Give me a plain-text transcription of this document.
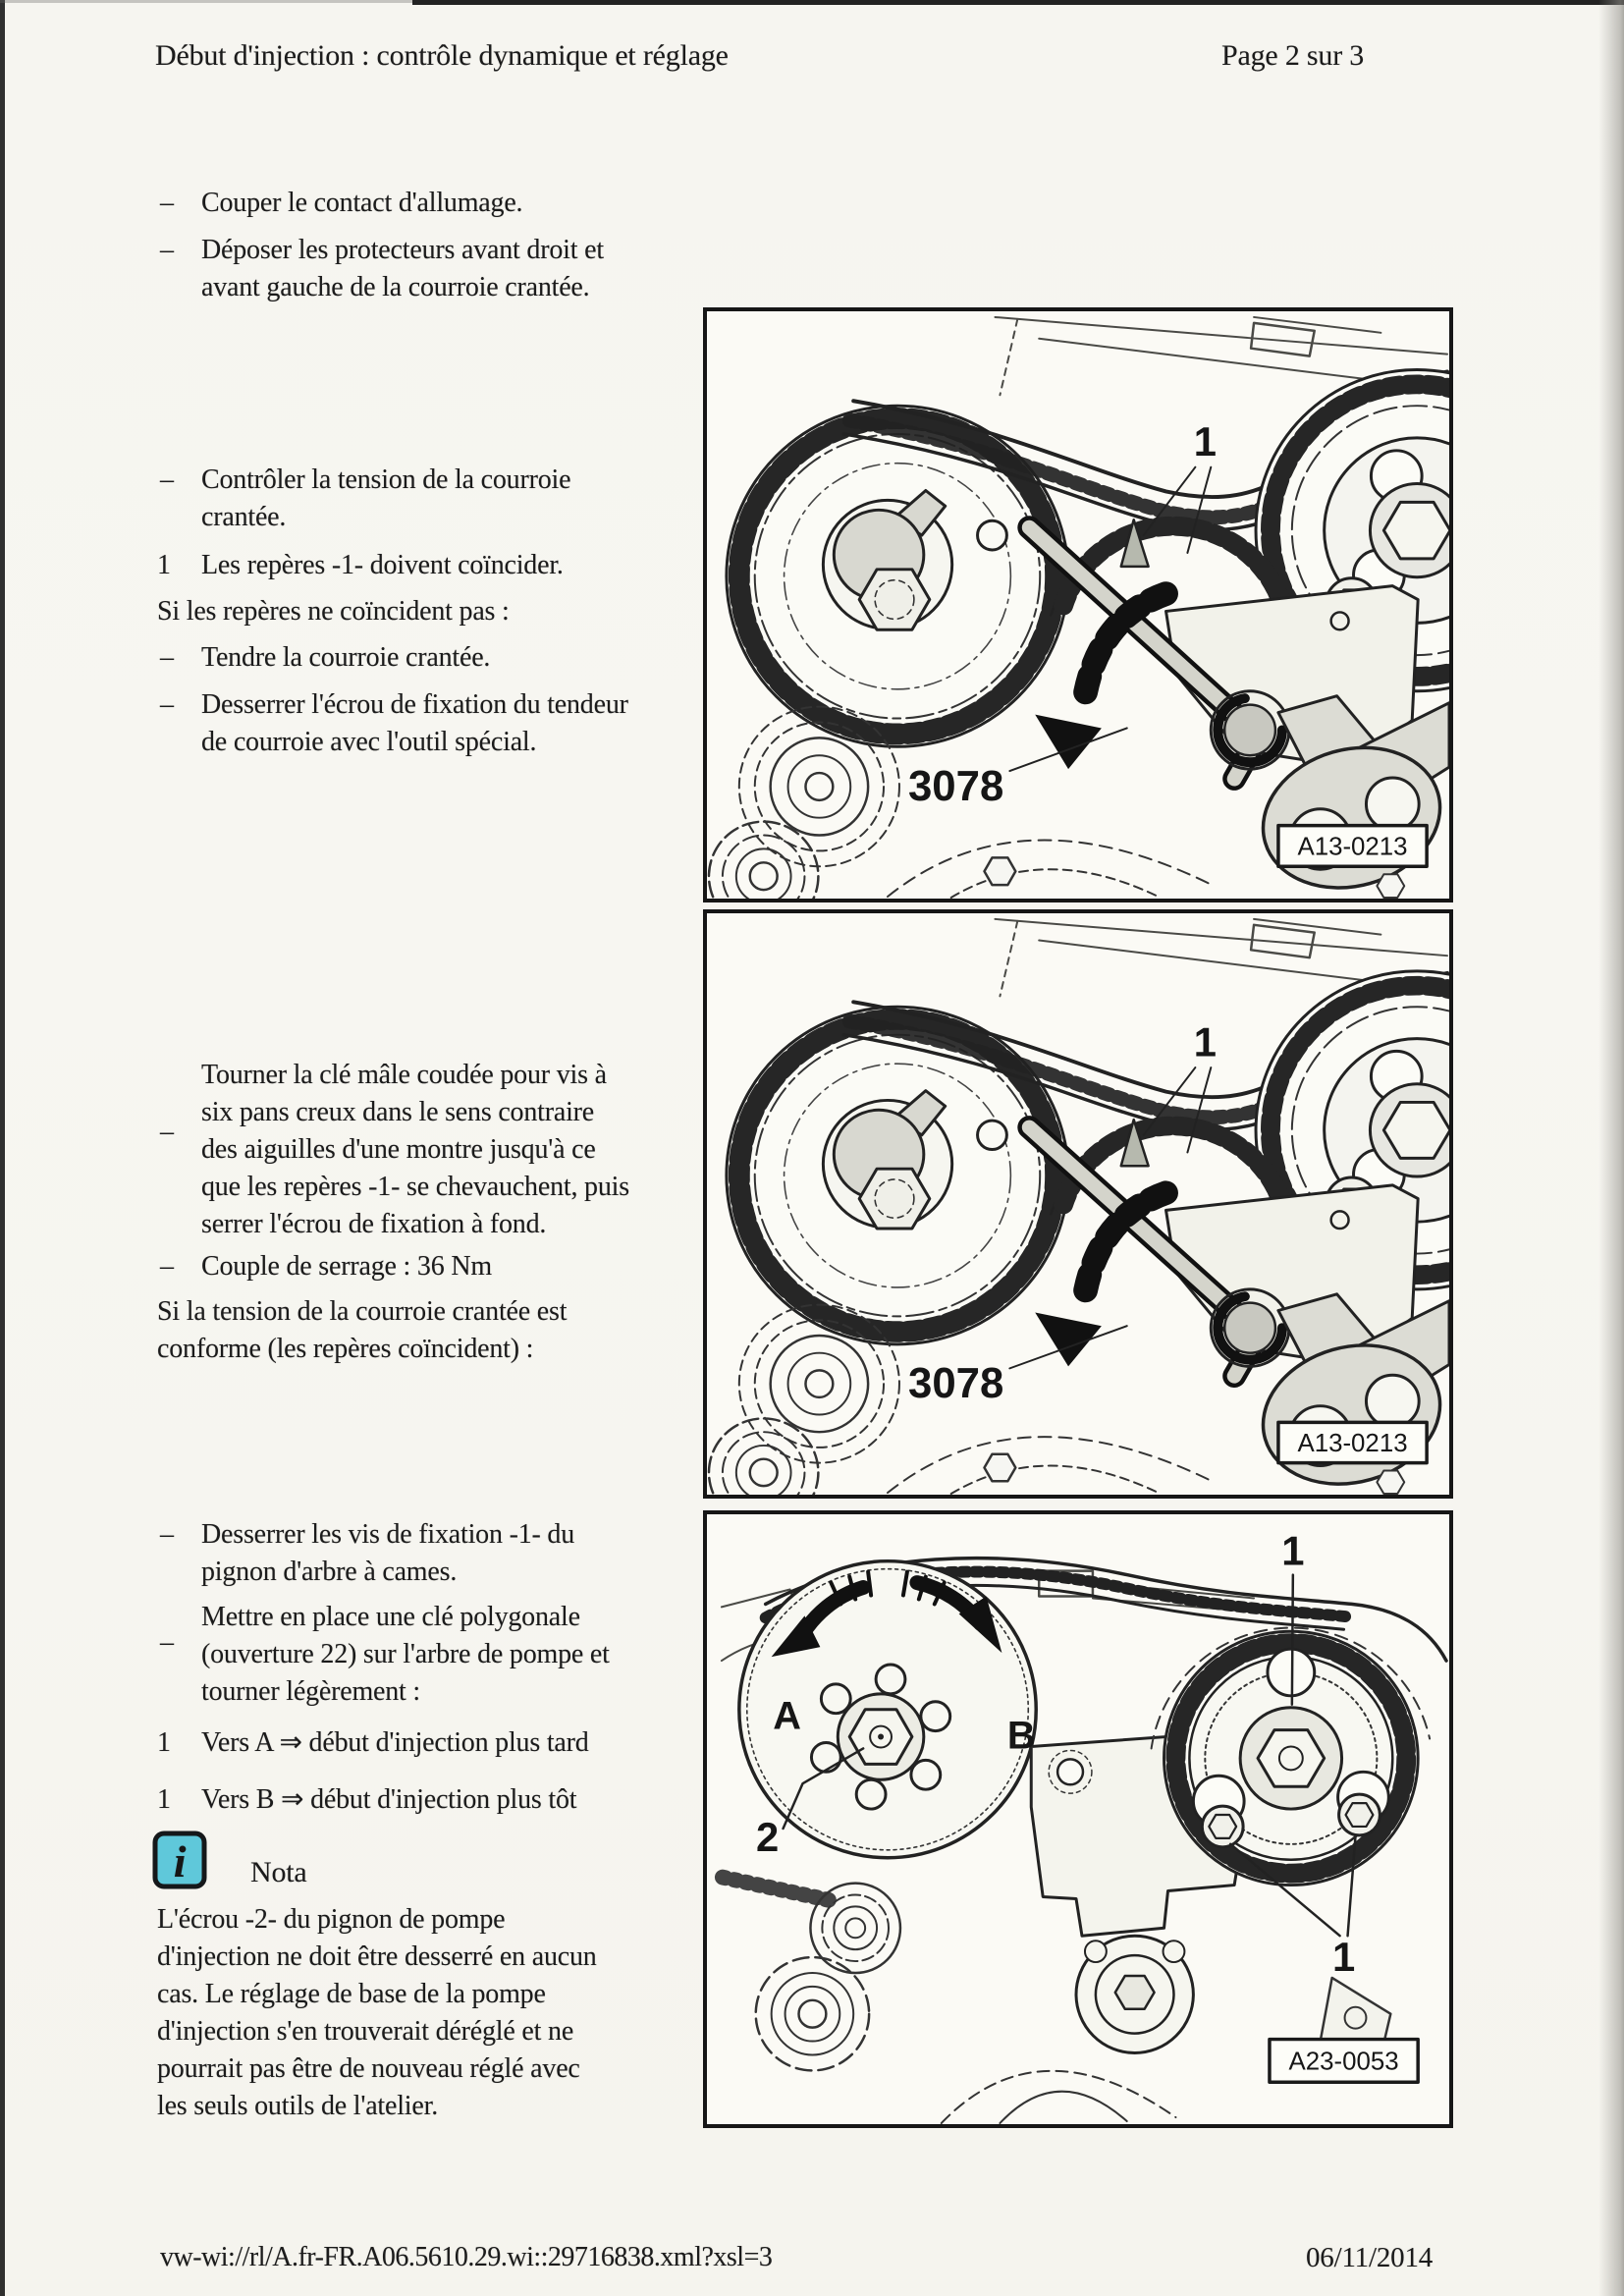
Début d'injection : contrôle dynamique et réglage	Page 2 sur 3
–	Couper le contact d'allumage.
–	Déposer les protecteurs avant droit et
avant gauche de la courroie crantée.
–	Contrôler la tension de la courroie
crantée.
1	Les repères -1- doivent coïncider.
Si les repères ne coïncident pas :
–	Tendre la courroie crantée.
–	Desserrer l'écrou de fixation du tendeur
de courroie avec l'outil spécial.
–
Tourner la clé mâle coudée pour vis à
six pans creux dans le sens contraire
des aiguilles d'une montre jusqu'à ce
que les repères -1- se chevauchent, puis
serrer l'écrou de fixation à fond.
–	Couple de serrage : 36 Nm
Si la tension de la courroie crantée est
conforme (les repères coïncident) :
–	Desserrer les vis de fixation -1- du
pignon d'arbre à cames.
–
Mettre en place une clé polygonale
(ouverture 22) sur l'arbre de pompe et
tourner légèrement :
1	Vers A ⇒ début d'injection plus tard
1	Vers B ⇒ début d'injection plus tôt
i Nota
L'écrou -2- du pignon de pompe
d'injection ne doit être desserré en aucun
cas. Le réglage de base de la pompe
d'injection s'en trouverait déréglé et ne
pourrait pas être de nouveau réglé avec
les seuls outils de l'atelier.
1
3078
A13-0213
2
1
1
A	B
A23-0053
vw-wi://rl/A.fr-FR.A06.5610.29.wi::29716838.xml?xsl=3	06/11/2014
